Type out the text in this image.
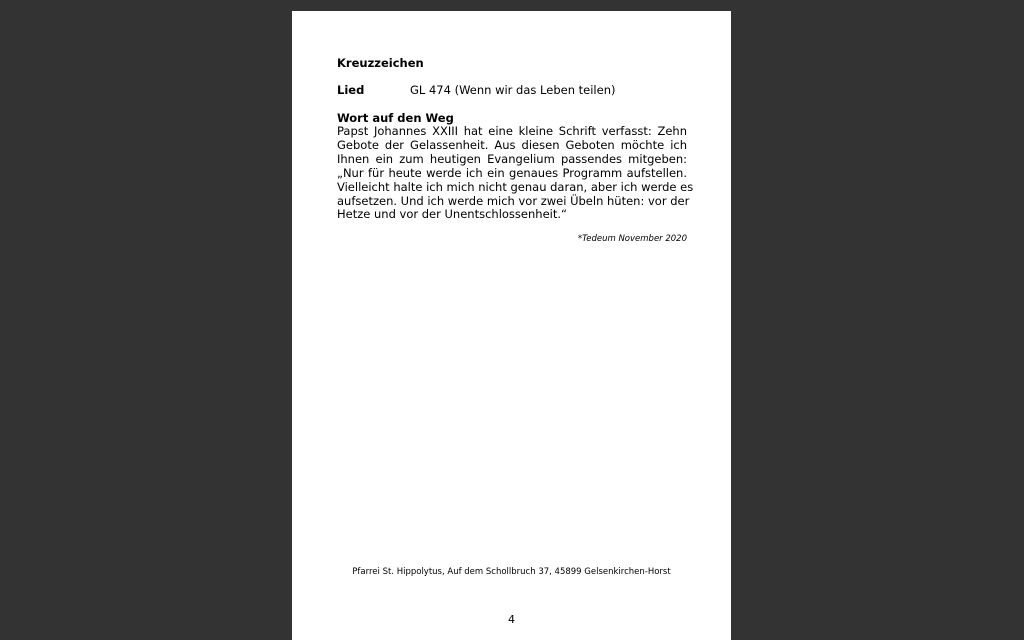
Kreuzzeichen
Lied	GL 474 (Wenn wir das Leben teilen)
Wort auf den Weg
Papst Johannes XXIII hat eine kleine Schrift verfasst: Zehn
Gebote der Gelassenheit. Aus diesen Geboten möchte ich
Ihnen ein zum heutigen Evangelium passendes mitgeben:
„Nur für heute werde ich ein genaues Programm aufstellen.
Vielleicht halte ich mich nicht genau daran, aber ich werde es
aufsetzen. Und ich werde mich vor zwei Übeln hüten: vor der
Hetze und vor der Unentschlossenheit.“
*Tedeum November 2020
Pfarrei St. Hippolytus, Auf dem Schollbruch 37, 45899 Gelsenkirchen-Horst
4
